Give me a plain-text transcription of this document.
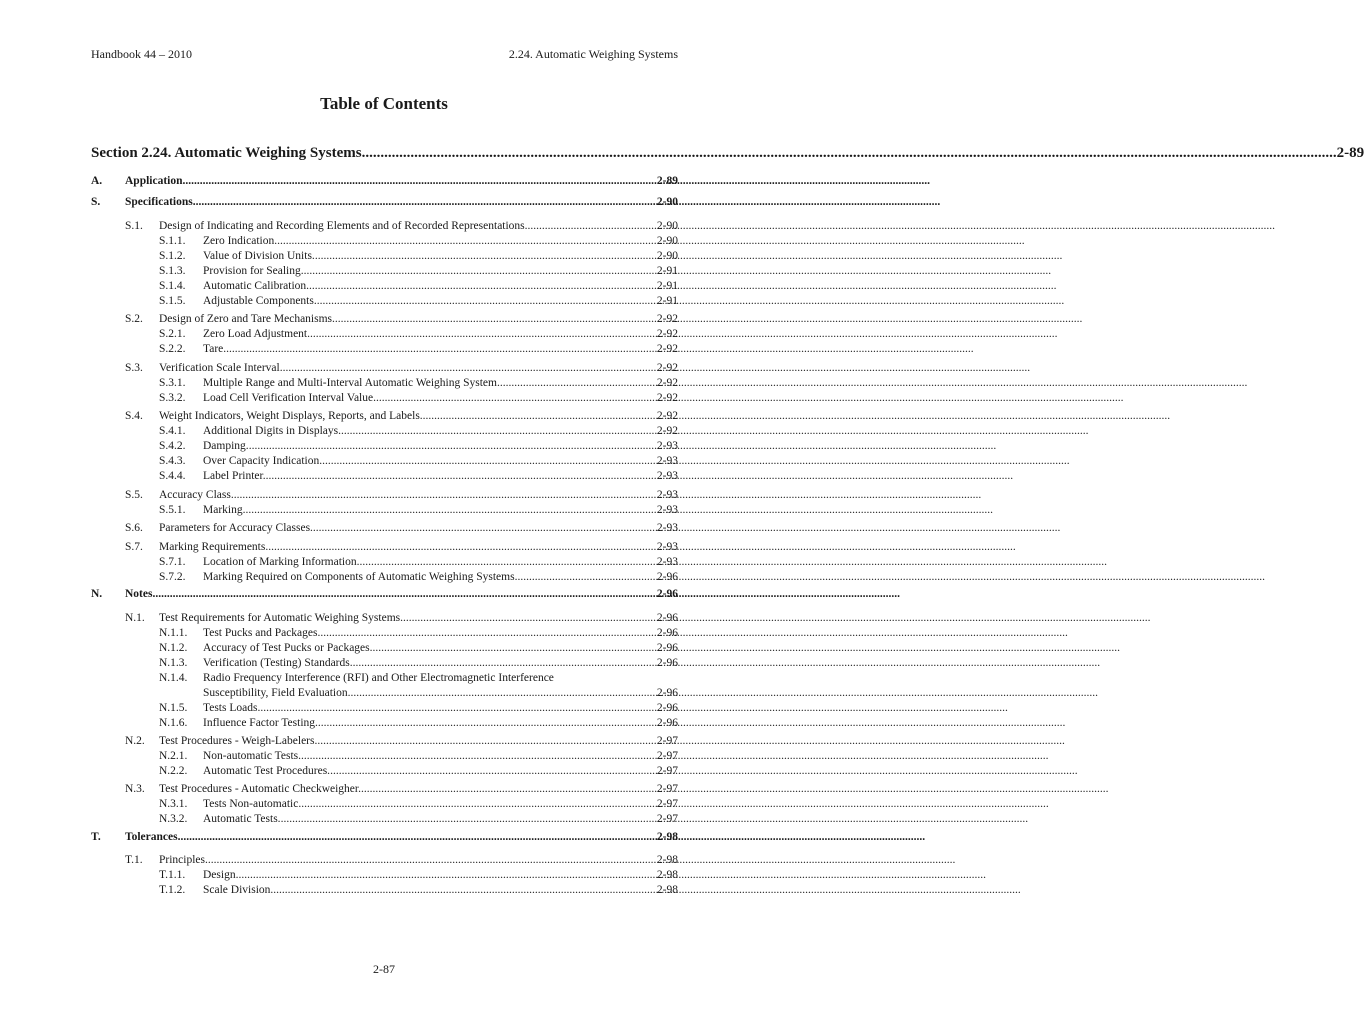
Handbook 44 – 2010	2.24. Automatic Weighing Systems
Table of Contents
Section 2.24. Automatic Weighing Systems .....	2-89
A.	Application .....	2-89
S.	Specifications .....	2-90
S.1.	Design of Indicating and Recording Elements and of Recorded Representations. .....	2-90
S.1.1.	Zero Indication. .....	2-90
S.1.2.	Value of Division Units. .....	2-90
S.1.3.	Provision for Sealing. .....	2-91
S.1.4.	Automatic Calibration. .....	2-91
S.1.5.	Adjustable Components. .....	2-91
S.2.	Design of Zero and Tare Mechanisms. .....	2-92
S.2.1.	Zero Load Adjustment. .....	2-92
S.2.2.	Tare. .....	2-92
S.3.	Verification Scale Interval. .....	2-92
S.3.1.	Multiple Range and Multi-Interval Automatic Weighing System. .....	2-92
S.3.2.	Load Cell Verification Interval Value. .....	2-92
S.4.	Weight Indicators, Weight Displays, Reports, and Labels. .....	2-92
S.4.1.	Additional Digits in Displays. .....	2-92
S.4.2.	Damping. .....	2-93
S.4.3.	Over Capacity Indication. .....	2-93
S.4.4.	Label Printer. .....	2-93
S.5.	Accuracy Class. .....	2-93
S.5.1.	Marking. .....	2-93
S.6.	Parameters for Accuracy Classes. .....	2-93
S.7.	Marking Requirements. .....	2-93
S.7.1.	Location of Marking Information. .....	2-93
S.7.2.	Marking Required on Components of Automatic Weighing Systems. .....	2-96
N.	Notes .....	2-96
N.1.	Test Requirements for Automatic Weighing Systems. .....	2-96
N.1.1.	Test Pucks and Packages. .....	2-96
N.1.2.	Accuracy of Test Pucks or Packages. .....	2-96
N.1.3.	Verification (Testing) Standards. .....	2-96
N.1.4. Radio Frequency Interference (RFI) and Other Electromagnetic Interference
Susceptibility, Field Evaluation. .....	2-96
N.1.5.	Tests Loads. .....	2-96
N.1.6.	Influence Factor Testing. .....	2-96
N.2.	Test Procedures - Weigh-Labelers. .....	2-97
N.2.1.	Non-automatic Tests. .....	2-97
N.2.2.	Automatic Test Procedures. .....	2-97
N.3.	Test Procedures - Automatic Checkweigher. .....	2-97
N.3.1.	Tests Non-automatic. .....	2-97
N.3.2.	Automatic Tests. .....	2-97
T.	Tolerances .....	2-98
T.1.	Principles. .....	2-98
T.1.1.	Design. .....	2-98
T.1.2.	Scale Division. .....	2-98
2-87
